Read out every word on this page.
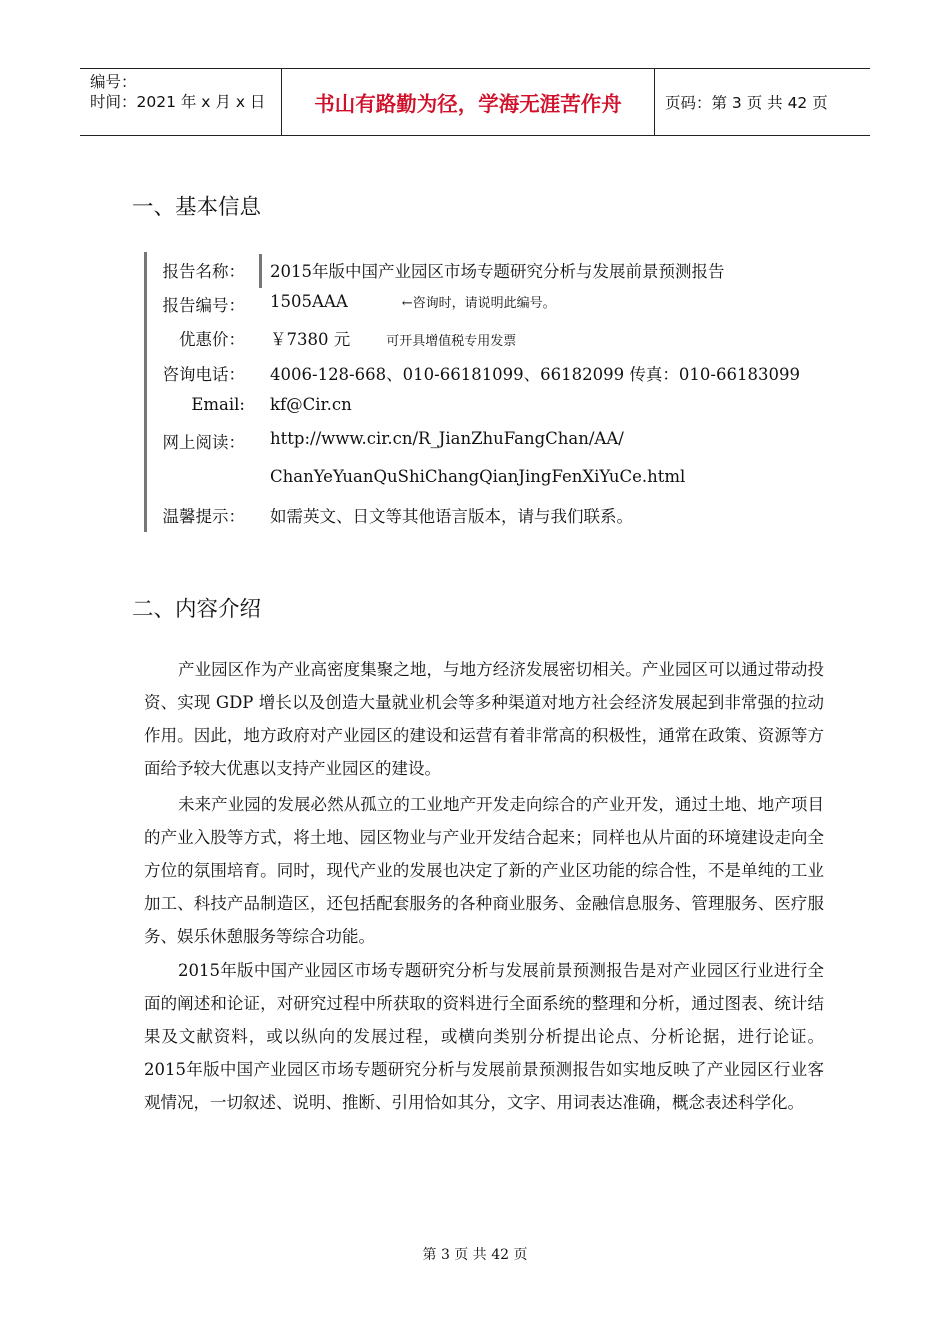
编号：
时间：2021 年 x 月 x 日	书山有路勤为径，学海无涯苦作舟	页码：第 3 页 共 42 页
一、基本信息
报告名称： 2015年版中国产业园区市场专题研究分析与发展前景预测报告
报告编号： 1505AAA	←咨询时，请说明此编号。
优惠价： ￥7380 元	可开具增值税专用发票
咨询电话： 4006-128-668、010-66181099、66182099 传真：010-66183099
Email: kf@Cir.cn
网上阅读： http://www.cir.cn/R_JianZhuFangChan/AA/
ChanYeYuanQuShiChangQianJingFenXiYuCe.html
温馨提示： 如需英文、日文等其他语言版本，请与我们联系。
二、内容介绍

产业园区作为产业高密度集聚之地，与地方经济发展密切相关。产业园区可以通过带动投资、实现 GDP 增长以及创造大量就业机会等多种渠道对地方社会经济发展起到非常强的拉动作用。因此，地方政府对产业园区的建设和运营有着非常高的积极性，通常在政策、资源等方面给予较大优惠以支持产业园区的建设。

未来产业园的发展必然从孤立的工业地产开发走向综合的产业开发，通过土地、地产项目的产业入股等方式，将土地、园区物业与产业开发结合起来；同样也从片面的环境建设走向全方位的氛围培育。同时，现代产业的发展也决定了新的产业区功能的综合性，不是单纯的工业加工、科技产品制造区，还包括配套服务的各种商业服务、金融信息服务、管理服务、医疗服务、娱乐休憩服务等综合功能。

2015年版中国产业园区市场专题研究分析与发展前景预测报告是对产业园区行业进行全面的阐述和论证，对研究过程中所获取的资料进行全面系统的整理和分析，通过图表、统计结果及文献资料，或以纵向的发展过程，或横向类别分析提出论点、分析论据，进行论证。2015年版中国产业园区市场专题研究分析与发展前景预测报告如实地反映了产业园区行业客观情况，一切叙述、说明、推断、引用恰如其分，文字、用词表达准确，概念表述科学化。

第 3 页 共 42 页
